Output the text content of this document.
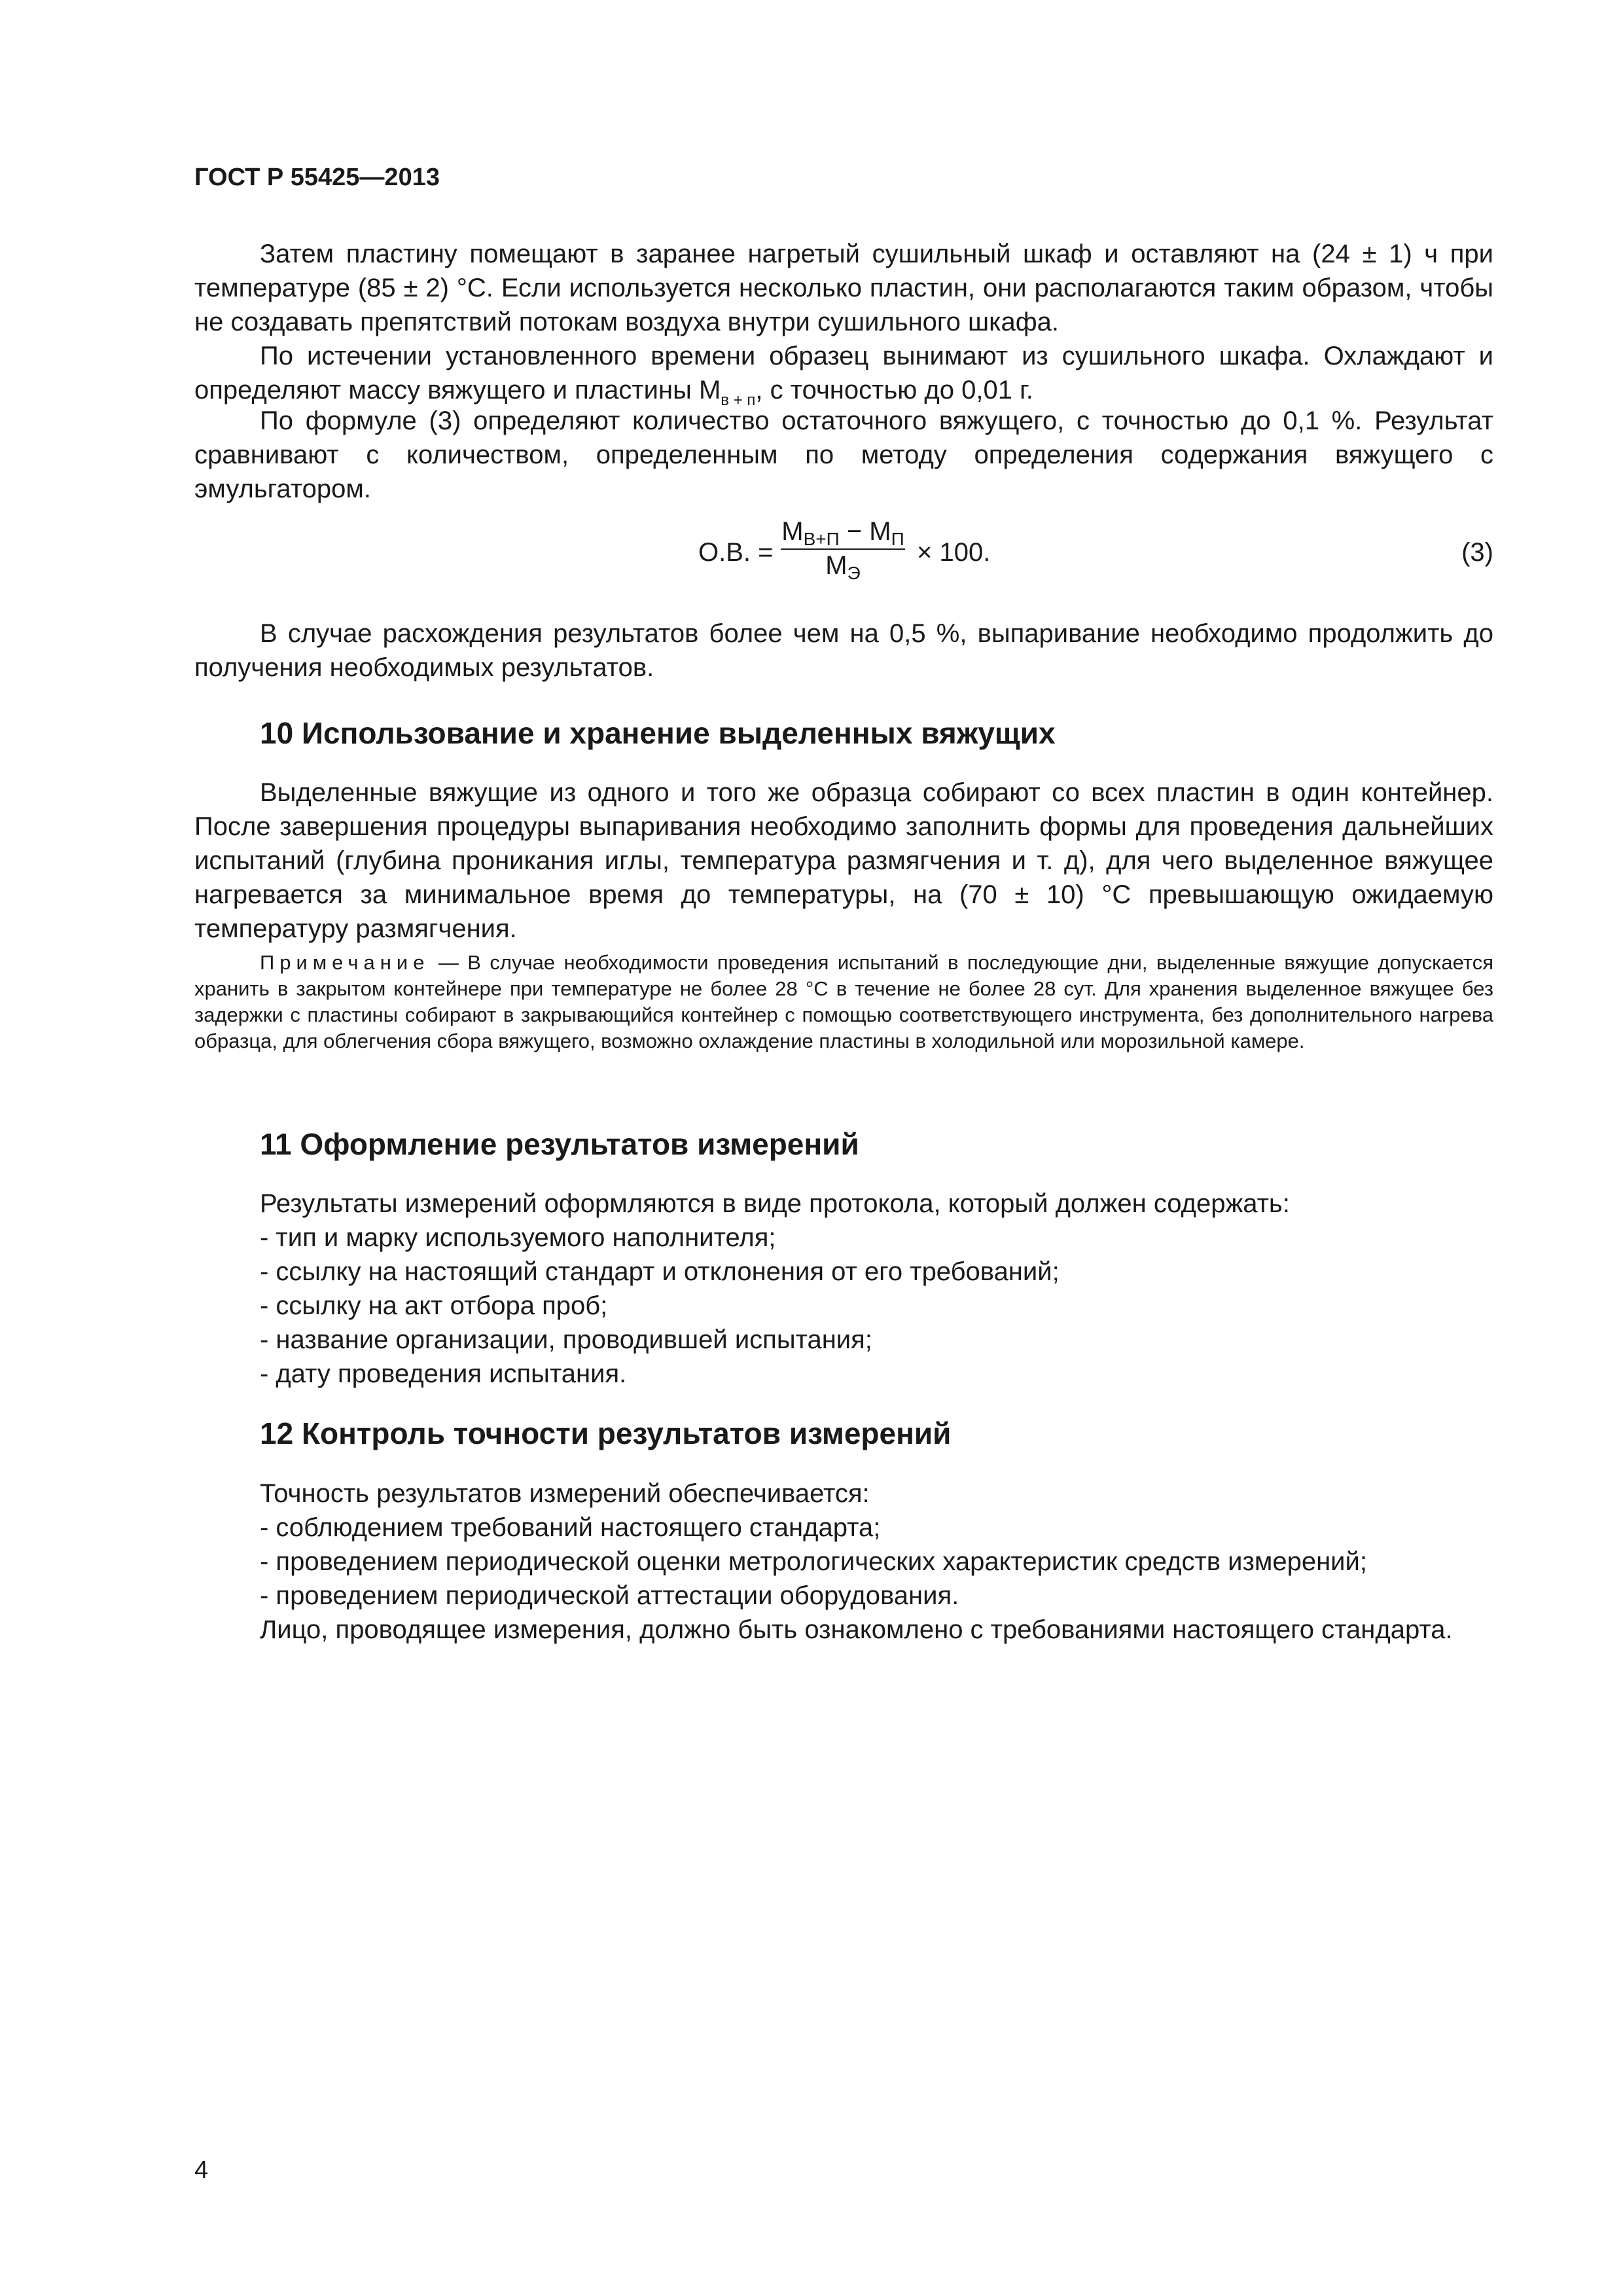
ГОСТ Р 55425—2013

Затем пластину помещают в заранее нагретый сушильный шкаф и оставляют на (24 ± 1) ч при температуре (85 ± 2) °С. Если используется несколько пластин, они располагаются таким образом, чтобы не создавать препятствий потокам воздуха внутри сушильного шкафа.

По истечении установленного времени образец вынимают из сушильного шкафа. Охлаждают и определяют массу вяжущего и пластины $М_{в + п}$, с точностью до 0,01 г.

По формуле (3) определяют количество остаточного вяжущего, с точностью до 0,1 %. Результат сравнивают с количеством, определенным по методу определения содержания вяжущего с эмульгатором.

О.В. =
$M_{В+П} - M_П$
$M_Э$
× 100.	(3)

В случае расхождения результатов более чем на 0,5 %, выпаривание необходимо продолжить до получения необходимых результатов.

10 Использование и хранение выделенных вяжущих

Выделенные вяжущие из одного и того же образца собирают со всех пластин в один контейнер. После завершения процедуры выпаривания необходимо заполнить формы для проведения дальнейших испытаний (глубина проникания иглы, температура размягчения и т. д), для чего выделенное вяжущее нагревается за минимальное время до температуры, на (70 ± 10) °С превышающую ожидаемую температуру размягчения.

Примечание — В случае необходимости проведения испытаний в последующие дни, выделенные вяжущие допускается хранить в закрытом контейнере при температуре не более 28 °С в течение не более 28 сут. Для хранения выделенное вяжущее без задержки с пластины собирают в закрывающийся контейнер с помощью соответствующего инструмента, без дополнительного нагрева образца, для облегчения сбора вяжущего, возможно охлаждение пластины в холодильной или морозильной камере.

11 Оформление результатов измерений
Результаты измерений оформляются в виде протокола, который должен содержать:
- тип и марку используемого наполнителя;
- ссылку на настоящий стандарт и отклонения от его требований;
- ссылку на акт отбора проб;
- название организации, проводившей испытания;
- дату проведения испытания.
12 Контроль точности результатов измерений
Точность результатов измерений обеспечивается:
- соблюдением требований настоящего стандарта;
- проведением периодической оценки метрологических характеристик средств измерений;
- проведением периодической аттестации оборудования.
Лицо, проводящее измерения, должно быть ознакомлено с требованиями настоящего стандарта.
4
